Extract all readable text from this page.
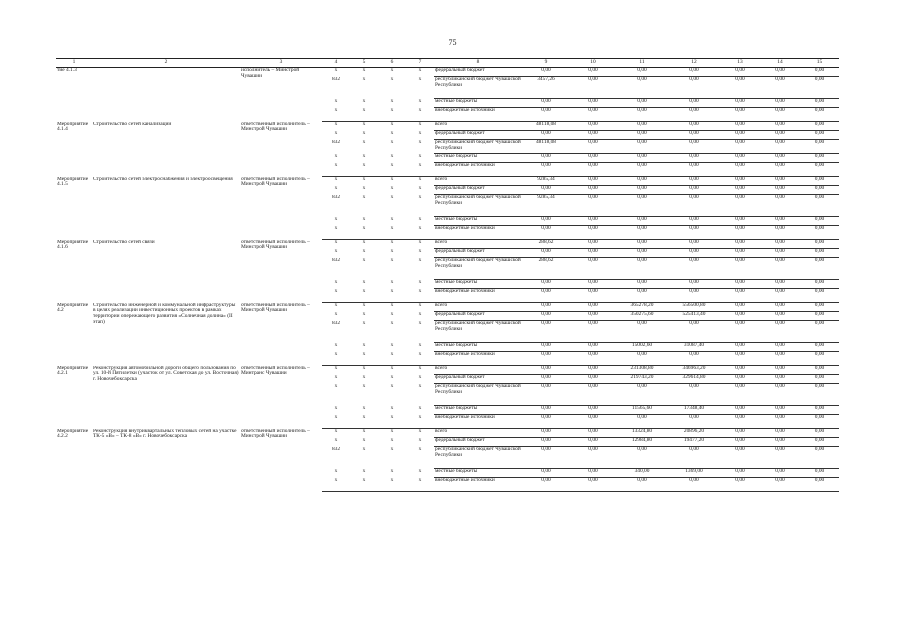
75
1	2	3	4	5	6	7	8	9	10	11	12	13	14	15
тие 4.1.3		исполнитель – Минстрой Чувашии	x	x	x	x	федеральный бюджет	0,00	0,00	0,00	0,00	0,00	0,00	0,00
			832	x	x	x	республиканский бюджет Чувашской Республики	3457,26	0,00	0,00	0,00	0,00	0,00	0,00
			x	x	x	x	местные бюджеты	0,00	0,00	0,00	0,00	0,00	0,00	0,00
			x	x	x	x	внебюджетные источники	0,00	0,00	0,00	0,00	0,00	0,00	0,00
Мероприятие 4.1.4	Строительство сетей канализации	ответственный исполнитель – Минстрой Чувашии	x	x	x	x	всего	48118,08	0,00	0,00	0,00	0,00	0,00	0,00
			x	x	x	x	федеральный бюджет	0,00	0,00	0,00	0,00	0,00	0,00	0,00
			832	x	x	x	республиканский бюджет Чувашской Республики	48118,08	0,00	0,00	0,00	0,00	0,00	0,00
			x	x	x	x	местные бюджеты	0,00	0,00	0,00	0,00	0,00	0,00	0,00
			x	x	x	x	внебюджетные источники	0,00	0,00	0,00	0,00	0,00	0,00	0,00
Мероприятие 4.1.5	Строительство сетей электроснабжения и электроосвещения	ответственный исполнитель – Минстрой Чувашии	x	x	x	x	всего	9285,34	0,00	0,00	0,00	0,00	0,00	0,00
			x	x	x	x	федеральный бюджет	0,00	0,00	0,00	0,00	0,00	0,00	0,00
			832	x	x	x	республиканский бюджет Чувашской Республики	9285,34	0,00	0,00	0,00	0,00	0,00	0,00
			x	x	x	x	местные бюджеты	0,00	0,00	0,00	0,00	0,00	0,00	0,00
			x	x	x	x	внебюджетные источники	0,00	0,00	0,00	0,00	0,00	0,00	0,00
Мероприятие 4.1.6	Строительство сетей связи	ответственный исполнитель – Минстрой Чувашии	x	x	x	x	всего	288,62	0,00	0,00	0,00	0,00	0,00	0,00
			x	x	x	x	федеральный бюджет	0,00	0,00	0,00	0,00	0,00	0,00	0,00
			832	x	x	x	республиканский бюджет Чувашской Республики	288,62	0,00	0,00	0,00	0,00	0,00	0,00
			x	x	x	x	местные бюджеты	0,00	0,00	0,00	0,00	0,00	0,00	0,00
			x	x	x	x	внебюджетные источники	0,00	0,00	0,00	0,00	0,00	0,00	0,00
Мероприятие 4.2	Строительство инженерной и коммунальной инфраструктуры в целях реализации инвестиционных проектов в рамках территории опережающего развития «Солнечная долина» (II этап)	ответственный исполнитель – Минстрой Чувашии	x	x	x	x	всего	0,00	0,00	365278,20	556500,80	0,00	0,00	0,00
			x	x	x	x	федеральный бюджет	0,00	0,00	350275,60	525413,40	0,00	0,00	0,00
			832	x	x	x	республиканский бюджет Чувашской Республики	0,00	0,00	0,00	0,00	0,00	0,00	0,00
			x	x	x	x	местные бюджеты	0,00	0,00	15002,60	31087,40	0,00	0,00	0,00
			x	x	x	x	внебюджетные источники	0,00	0,00	0,00	0,00	0,00	0,00	0,00
Мероприятие 4.2.1	Реконструкция автомобильной дороги общего пользования по ул. 10-й Пятилетки (участок от ул. Советская до ул. Восточная) г. Новочебоксарска	ответственный исполнитель – Минтранс Чувашии	x	x	x	x	всего	0,00	0,00	231308,80	346963,20	0,00	0,00	0,00
			x	x	x	x	федеральный бюджет	0,00	0,00	219743,20	329614,80	0,00	0,00	0,00
			x	x	x	x	республиканский бюджет Чувашской Республики	0,00	0,00	0,00	0,00	0,00	0,00	0,00
			x	x	x	x	местные бюджеты	0,00	0,00	11565,60	17348,40	0,00	0,00	0,00
			x	x	x	x	внебюджетные источники	0,00	0,00	0,00	0,00	0,00	0,00	0,00
Мероприятие 4.2.2	Реконструкция внутриквартальных тепловых сетей на участке ТК-5 «В» – ТК-8 «В» г. Новочебоксарска	ответственный исполнитель – Минстрой Чувашии	x	x	x	x	всего	0,00	0,00	13324,80	20896,20	0,00	0,00	0,00
			x	x	x	x	федеральный бюджет	0,00	0,00	12984,80	19477,20	0,00	0,00	0,00
			832	x	x	x	республиканский бюджет Чувашской Республики	0,00	0,00	0,00	0,00	0,00	0,00	0,00
			x	x	x	x	местные бюджеты	0,00	0,00	340,00	1369,00	0,00	0,00	0,00
			x	x	x	x	внебюджетные источники	0,00	0,00	0,00	0,00	0,00	0,00	0,00
